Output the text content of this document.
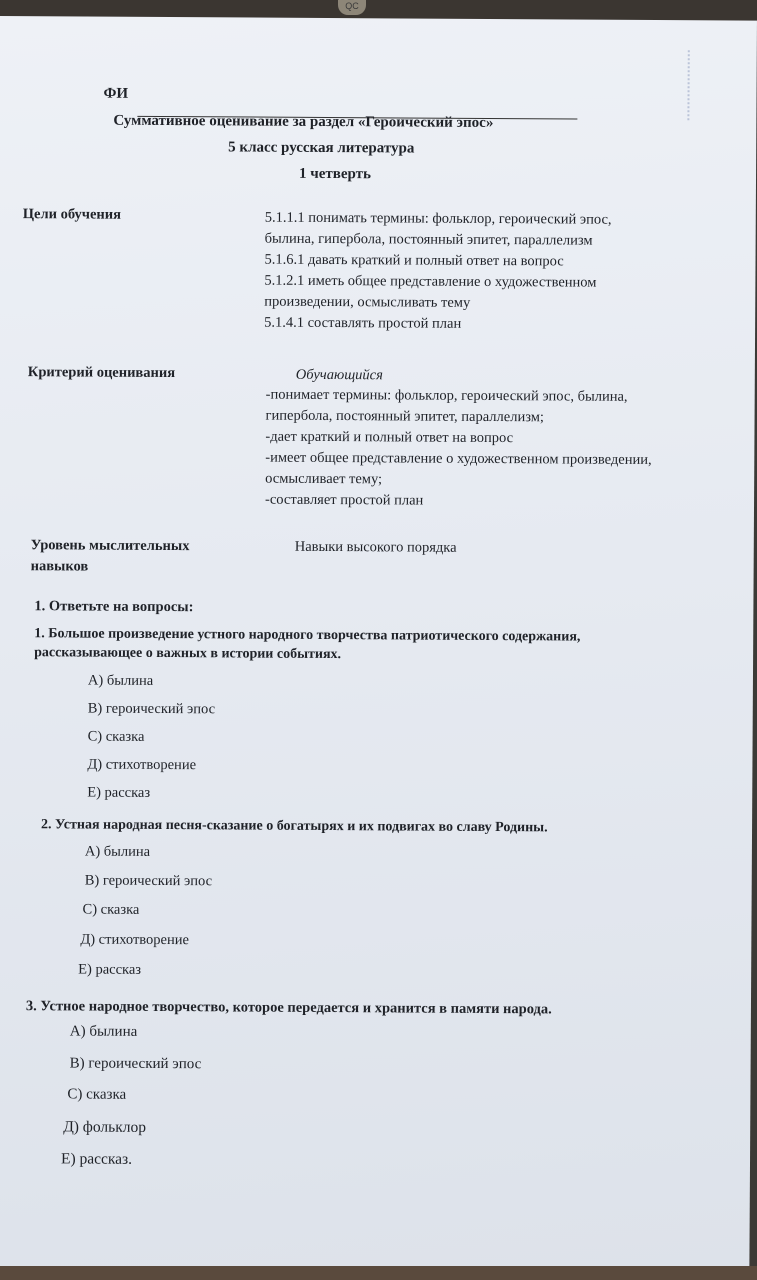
QC
ФИ
Суммативное оценивание за раздел «Героический эпос»
5 класс русская литература
1 четверть
Цели обучения	5.1.1.1 понимать термины: фольклор, героический эпос,
былина, гипербола, постоянный эпитет, параллелизм
5.1.6.1 давать краткий и полный ответ на вопрос
5.1.2.1 иметь общее представление о художественном
произведении, осмысливать тему
5.1.4.1 составлять простой план
Критерий оценивания	Обучающийся
-понимает термины: фольклор, героический эпос, былина,
гипербола, постоянный эпитет, параллелизм;
-дает краткий и полный ответ на вопрос
-имеет общее представление о художественном произведении,
осмысливает тему;
-составляет простой план
Уровень мыслительных
навыков
Навыки высокого порядка
1. Ответьте на вопросы:
1. Большое произведение устного народного творчества патриотического содержания,
рассказывающее о важных в истории событиях.
А) былина
В) героический эпос
С) сказка
Д) стихотворение
Е) рассказ
2. Устная народная песня-сказание о богатырях и их подвигах во славу Родины.
А) былина
В) героический эпос
С) сказка
Д) стихотворение
Е) рассказ
3. Устное народное творчество, которое передается и хранится в памяти народа.
А) былина
В) героический эпос
С) сказка
Д) фольклор
Е) рассказ.
